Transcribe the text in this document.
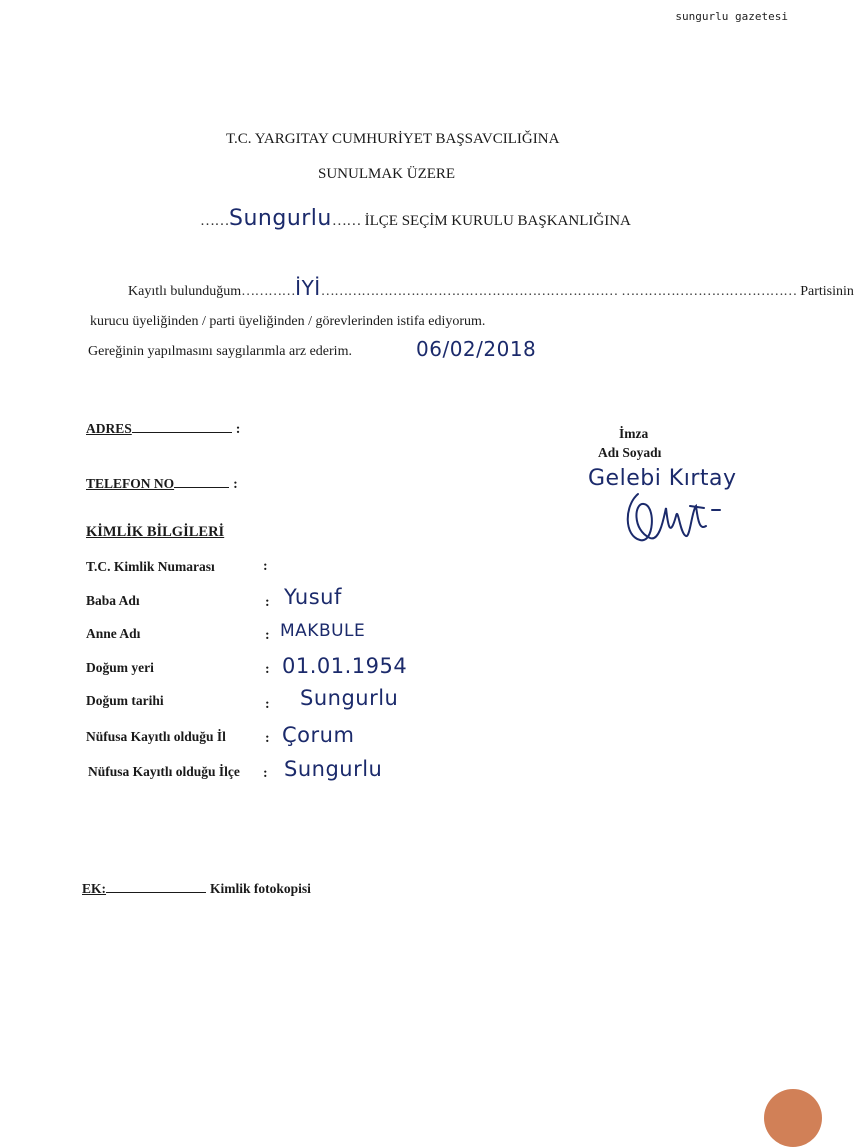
sungurlu gazetesi
T.C. YARGITAY CUMHURİYET BAŞSAVCILIĞINA
SUNULMAK ÜZERE
……Sungurlu…… İLÇE SEÇİM KURULU BAŞKANLIĞINA
Kayıtlı bulunduğum…………İYİ………………………………………………………… ………………………………… Partisinin
kurucu üyeliğinden / parti üyeliğinden / görevlerinden istifa ediyorum.
Gereğinin yapılmasını saygılarımla arz ederim.	06/02/2018
ADRES	:
TELEFON NO	:
İmza
Adı Soyadı
Gelebi Kırtay
KİMLİK BİLGİLERİ
T.C. Kimlik Numarası	:
Baba Adı	: Yusuf
Anne Adı	: MAKBULE
Doğum yeri	: 01.01.1954
Doğum tarihi	: Sungurlu
Nüfusa Kayıtlı olduğu İl	: Çorum
Nüfusa Kayıtlı olduğu İlçe : Sungurlu
EK:	Kimlik fotokopisi
